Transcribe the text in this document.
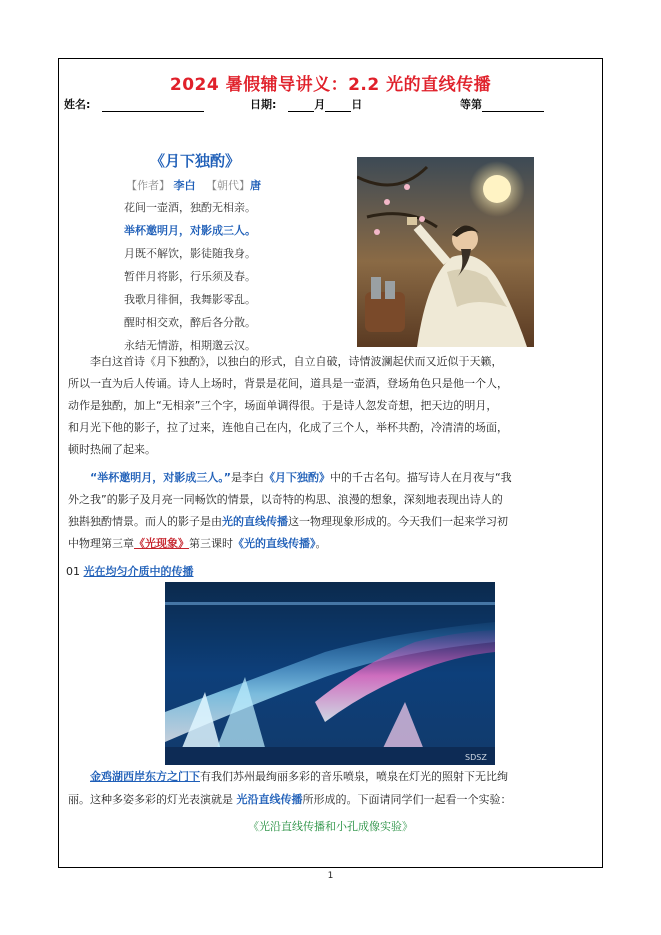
2024 暑假辅导讲义：2.2 光的直线传播
姓名:	日期:	月 日	等第
《月下独酌》
【作者】 李白 【朝代】唐
花间一壶酒，独酌无相亲。
举杯邀明月，对影成三人。
月既不解饮，影徒随我身。
暂伴月将影，行乐须及春。
我歌月徘徊，我舞影零乱。
醒时相交欢，醉后各分散。
永结无情游，相期邈云汉。
李白这首诗《月下独酌》，以独白的形式，自立自破，诗情波澜起伏而又近似于天籁，
所以一直为后人传诵。诗人上场时，背景是花间，道具是一壶酒，登场角色只是他一个人，
动作是独酌，加上“无相亲”三个字，场面单调得很。于是诗人忽发奇想，把天边的明月，
和月光下他的影子，拉了过来，连他自己在内，化成了三个人，举杯共酌，冷清清的场面，
顿时热闹了起来。
“举杯邀明月，对影成三人。”是李白《月下独酌》中的千古名句。描写诗人在月夜与“我
外之我”的影子及月亮一同畅饮的情景，以奇特的构思、浪漫的想象，深刻地表现出诗人的
独斟独酌情景。而人的影子是由光的直线传播这一物理现象形成的。今天我们一起来学习初
中物理第三章《光现象》第三课时《光的直线传播》。
01 光在均匀介质中的传播
SDSZ
金鸡湖西岸东方之门下有我们苏州最绚丽多彩的音乐喷泉，喷泉在灯光的照射下无比绚
丽。这种多姿多彩的灯光表演就是 光沿直线传播所形成的。下面请同学们一起看一个实验：
《光沿直线传播和小孔成像实验》
1
